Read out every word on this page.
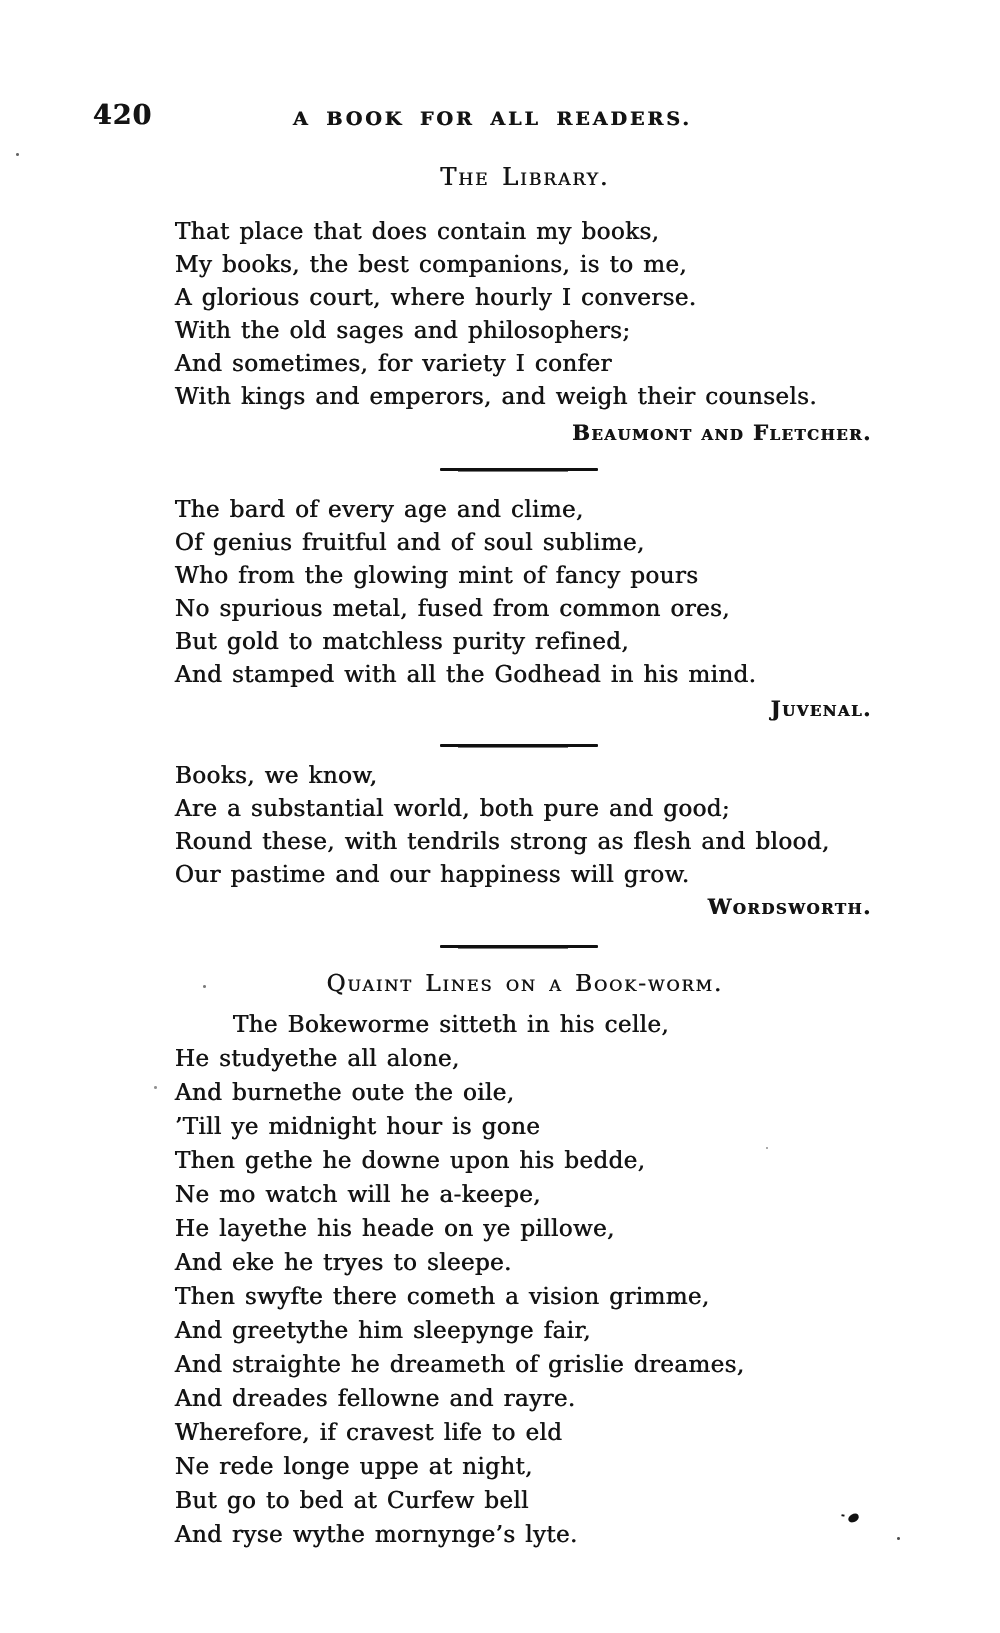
420	A BOOK FOR ALL READERS.
The Library.
That place that does contain my books,
My books, the best companions, is to me,
A glorious court, where hourly I converse.
With the old sages and philosophers;
And sometimes, for variety I confer
With kings and emperors, and weigh their counsels.
Beaumont and Fletcher.
The bard of every age and clime,
Of genius fruitful and of soul sublime,
Who from the glowing mint of fancy pours
No spurious metal, fused from common ores,
But gold to matchless purity refined,
And stamped with all the Godhead in his mind.
Juvenal.
Books, we know,
Are a substantial world, both pure and good;
Round these, with tendrils strong as flesh and blood,
Our pastime and our happiness will grow.
Wordsworth.
Quaint Lines on a Book-worm.
The Bokeworme sitteth in his celle,
He studyethe all alone,
And burnethe oute the oile,
’Till ye midnight hour is gone
Then gethe he downe upon his bedde,
Ne mo watch will he a-keepe,
He layethe his heade on ye pillowe,
And eke he tryes to sleepe.
Then swyfte there cometh a vision grimme,
And greetythe him sleepynge fair,
And straighte he dreameth of grislie dreames,
And dreades fellowne and rayre.
Wherefore, if cravest life to eld
Ne rede longe uppe at night,
But go to bed at Curfew bell
And ryse wythe mornynge’s lyte.
